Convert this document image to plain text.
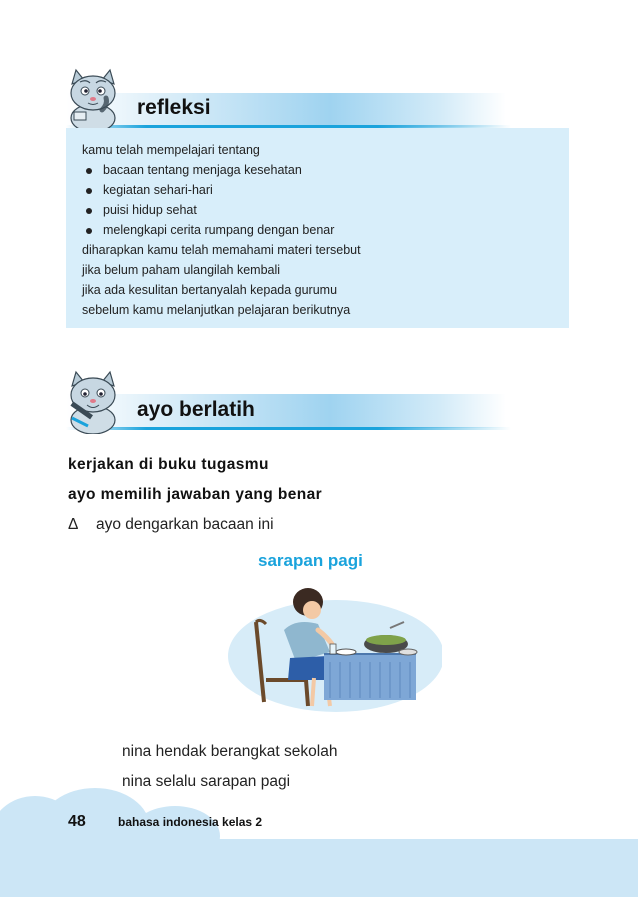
refleksi
kamu telah mempelajari tentang
bacaan tentang menjaga kesehatan
kegiatan sehari-hari
puisi hidup sehat
melengkapi cerita rumpang dengan benar
diharapkan kamu telah memahami materi tersebut
jika belum paham ulangilah kembali
jika ada kesulitan bertanyalah kepada gurumu
sebelum kamu melanjutkan pelajaran berikutnya
ayo berlatih
kerjakan di buku tugasmu
ayo memilih jawaban yang benar
Δ ayo dengarkan bacaan ini
sarapan pagi
nina hendak berangkat sekolah
nina selalu sarapan pagi
48	bahasa indonesia kelas 2
